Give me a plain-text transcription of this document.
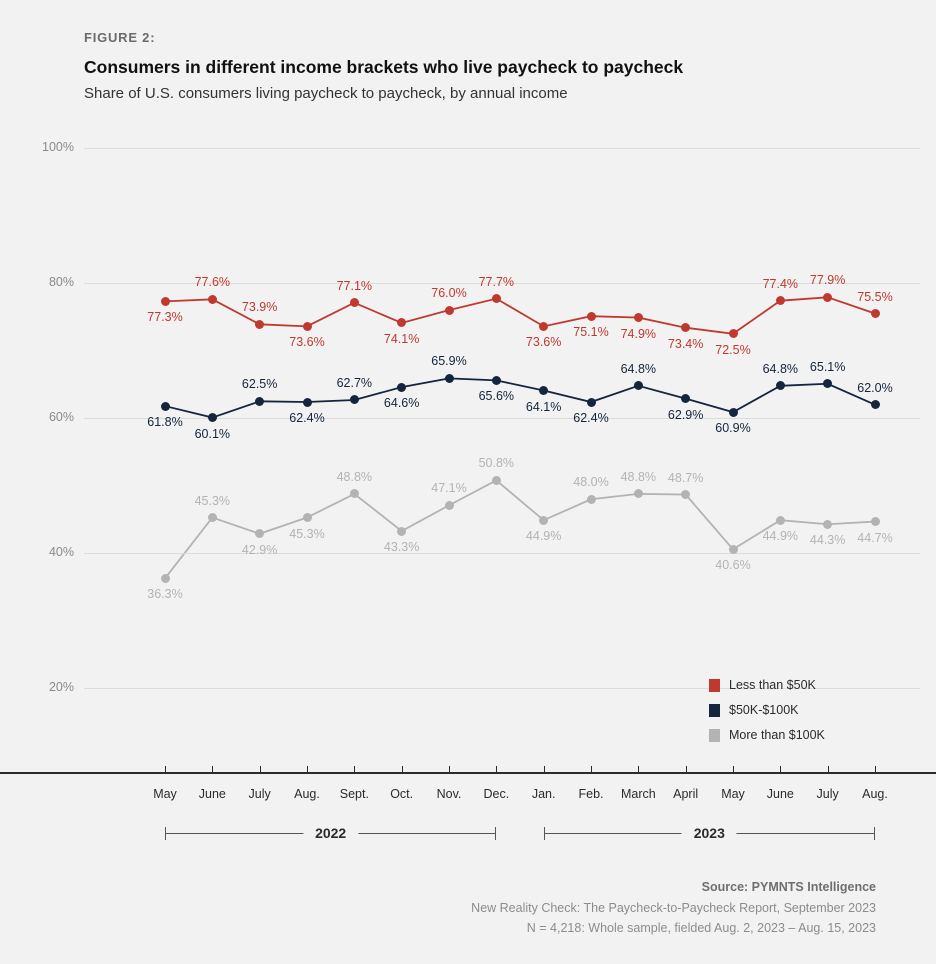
FIGURE 2:
Consumers in different income brackets who live paycheck to paycheck
Share of U.S. consumers living paycheck to paycheck, by annual income
20%
40%
60%
80%
100%
May	June	July	Aug.	Sept.	Oct.	Nov.	Dec.	Jan.	Feb.	March	April	May	June	July	Aug.
77.3%
77.6%
73.9%
73.6%
77.1%
74.1%
76.0%
77.7%
73.6%
75.1% 74.9%
73.4% 72.5%
77.4% 77.9%
75.5%
61.8%
60.1%
62.5%
62.4%
62.7%
64.6%
65.9%
65.6%
64.1%
62.4%
64.8%
62.9%
60.9%
64.8% 65.1%
62.0%
36.3%
45.3%
42.9%
45.3%
48.8%
43.3%
47.1%
50.8%
44.9%
48.0% 48.8% 48.7%
40.6%
44.9% 44.3% 44.7%
Less than $50K
$50K-$100K
More than $100K
Source: PYMNTS Intelligence
New Reality Check: The Paycheck-to-Paycheck Report, September 2023
N = 4,218: Whole sample, fielded Aug. 2, 2023 – Aug. 15, 2023
2022	2023
